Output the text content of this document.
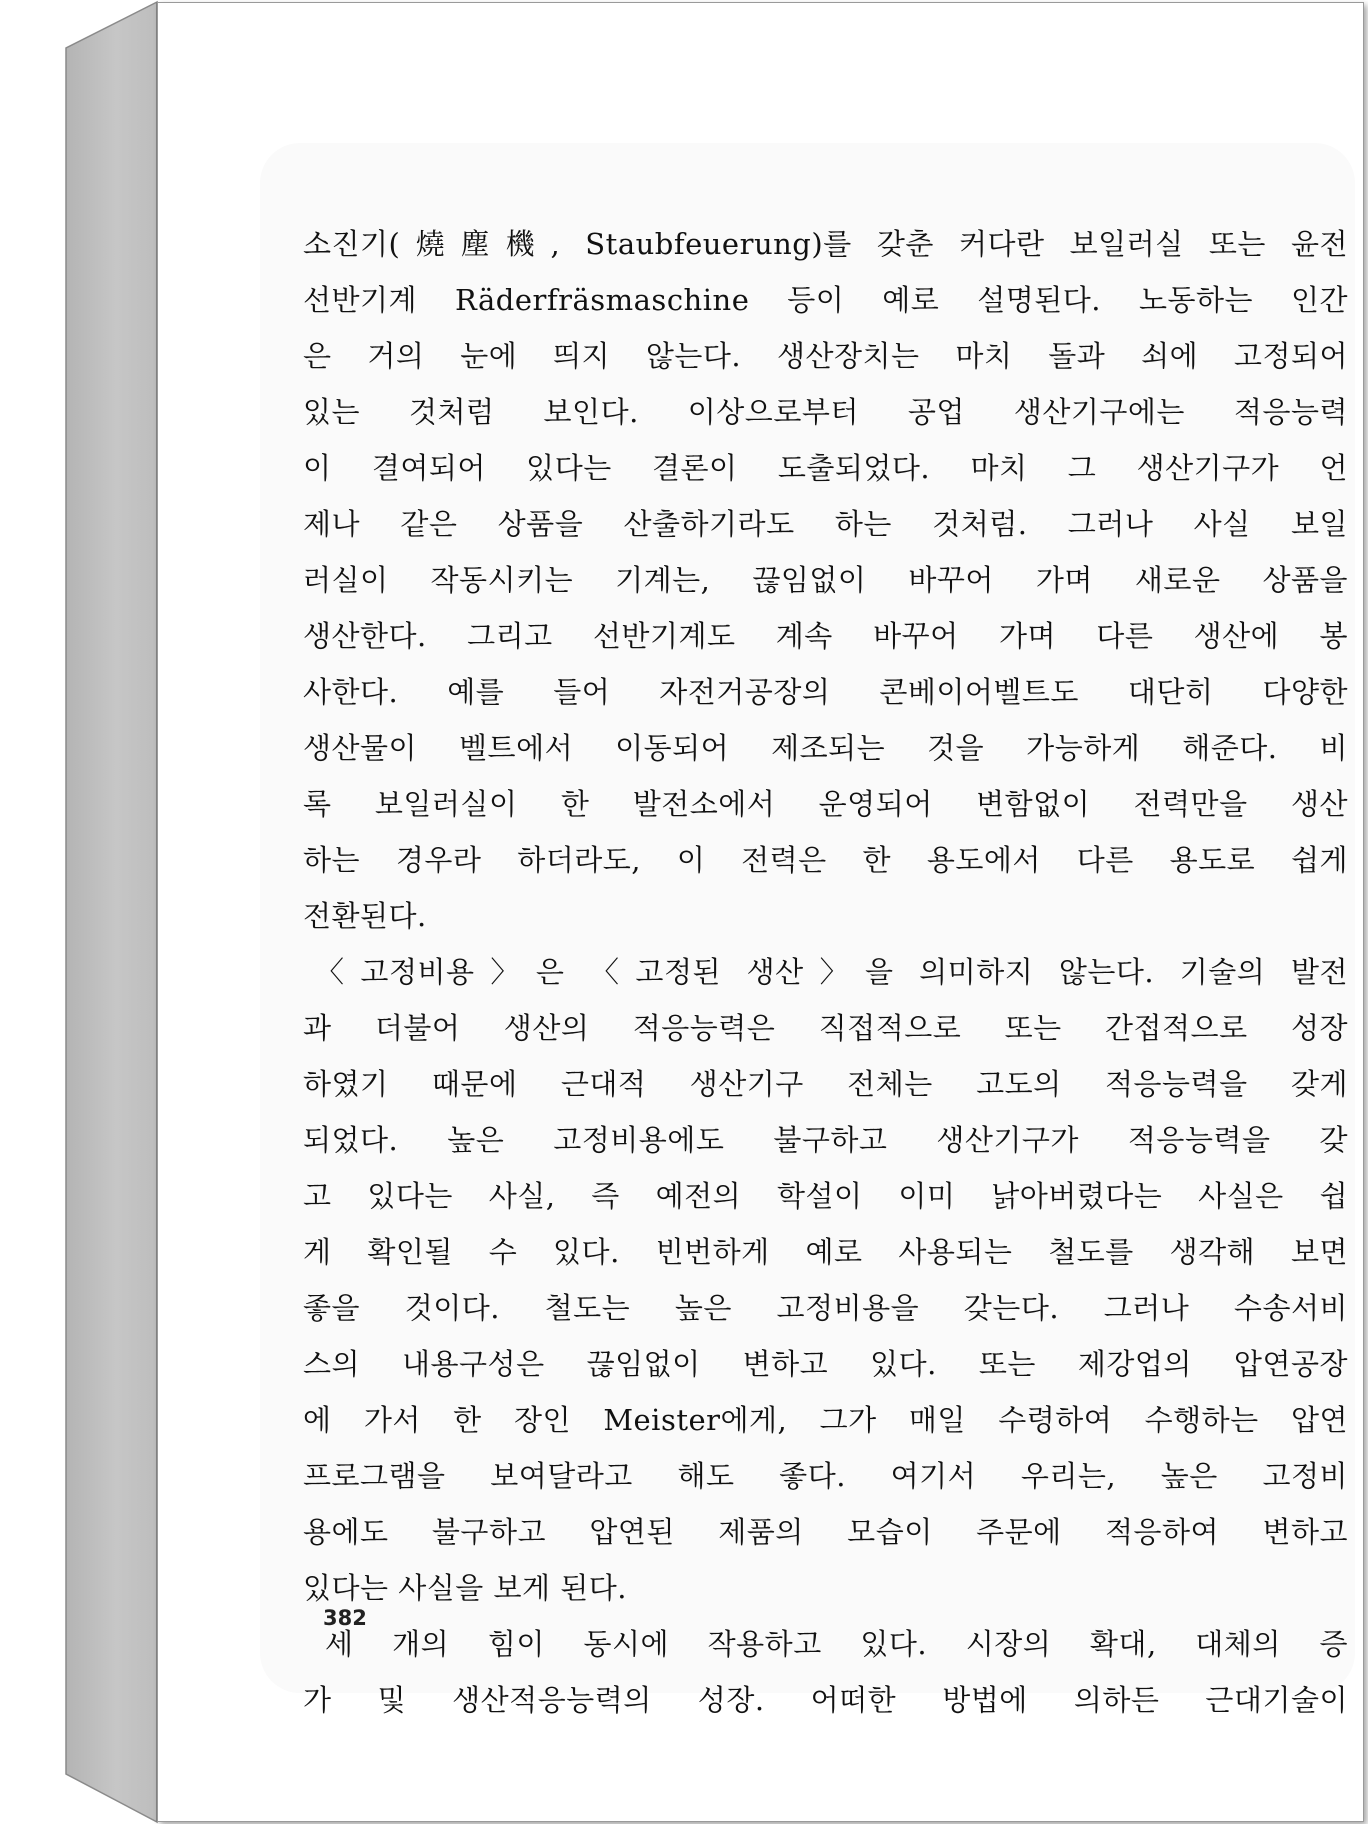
소진기(燒塵機, Staubfeuerung)를 갖춘 커다란 보일러실 또는 윤전
선반기계 Räderfräsmaschine 등이 예로 설명된다. 노동하는 인간
은 거의 눈에 띄지 않는다. 생산장치는 마치 돌과 쇠에 고정되어
있는 것처럼 보인다. 이상으로부터 공업 생산기구에는 적응능력
이 결여되어 있다는 결론이 도출되었다. 마치 그 생산기구가 언
제나 같은 상품을 산출하기라도 하는 것처럼. 그러나 사실 보일
러실이 작동시키는 기계는, 끊임없이 바꾸어 가며 새로운 상품을
생산한다. 그리고 선반기계도 계속 바꾸어 가며 다른 생산에 봉
사한다. 예를 들어 자전거공장의 콘베이어벨트도 대단히 다양한
생산물이 벨트에서 이동되어 제조되는 것을 가능하게 해준다. 비
록 보일러실이 한 발전소에서 운영되어 변함없이 전력만을 생산
하는 경우라 하더라도, 이 전력은 한 용도에서 다른 용도로 쉽게
전환된다.
〈고정비용〉은 〈고정된 생산〉을 의미하지 않는다. 기술의 발전
과 더불어 생산의 적응능력은 직접적으로 또는 간접적으로 성장
하였기 때문에 근대적 생산기구 전체는 고도의 적응능력을 갖게
되었다. 높은 고정비용에도 불구하고 생산기구가 적응능력을 갖
고 있다는 사실, 즉 예전의 학설이 이미 낡아버렸다는 사실은 쉽
게 확인될 수 있다. 빈번하게 예로 사용되는 철도를 생각해 보면
좋을 것이다. 철도는 높은 고정비용을 갖는다. 그러나 수송서비
스의 내용구성은 끊임없이 변하고 있다. 또는 제강업의 압연공장
에 가서 한 장인 Meister에게, 그가 매일 수령하여 수행하는 압연
프로그램을 보여달라고 해도 좋다. 여기서 우리는, 높은 고정비
용에도 불구하고 압연된 제품의 모습이 주문에 적응하여 변하고
있다는 사실을 보게 된다.
세 개의 힘이 동시에 작용하고 있다. 시장의 확대, 대체의 증
가 및 생산적응능력의 성장. 어떠한 방법에 의하든 근대기술이
382
